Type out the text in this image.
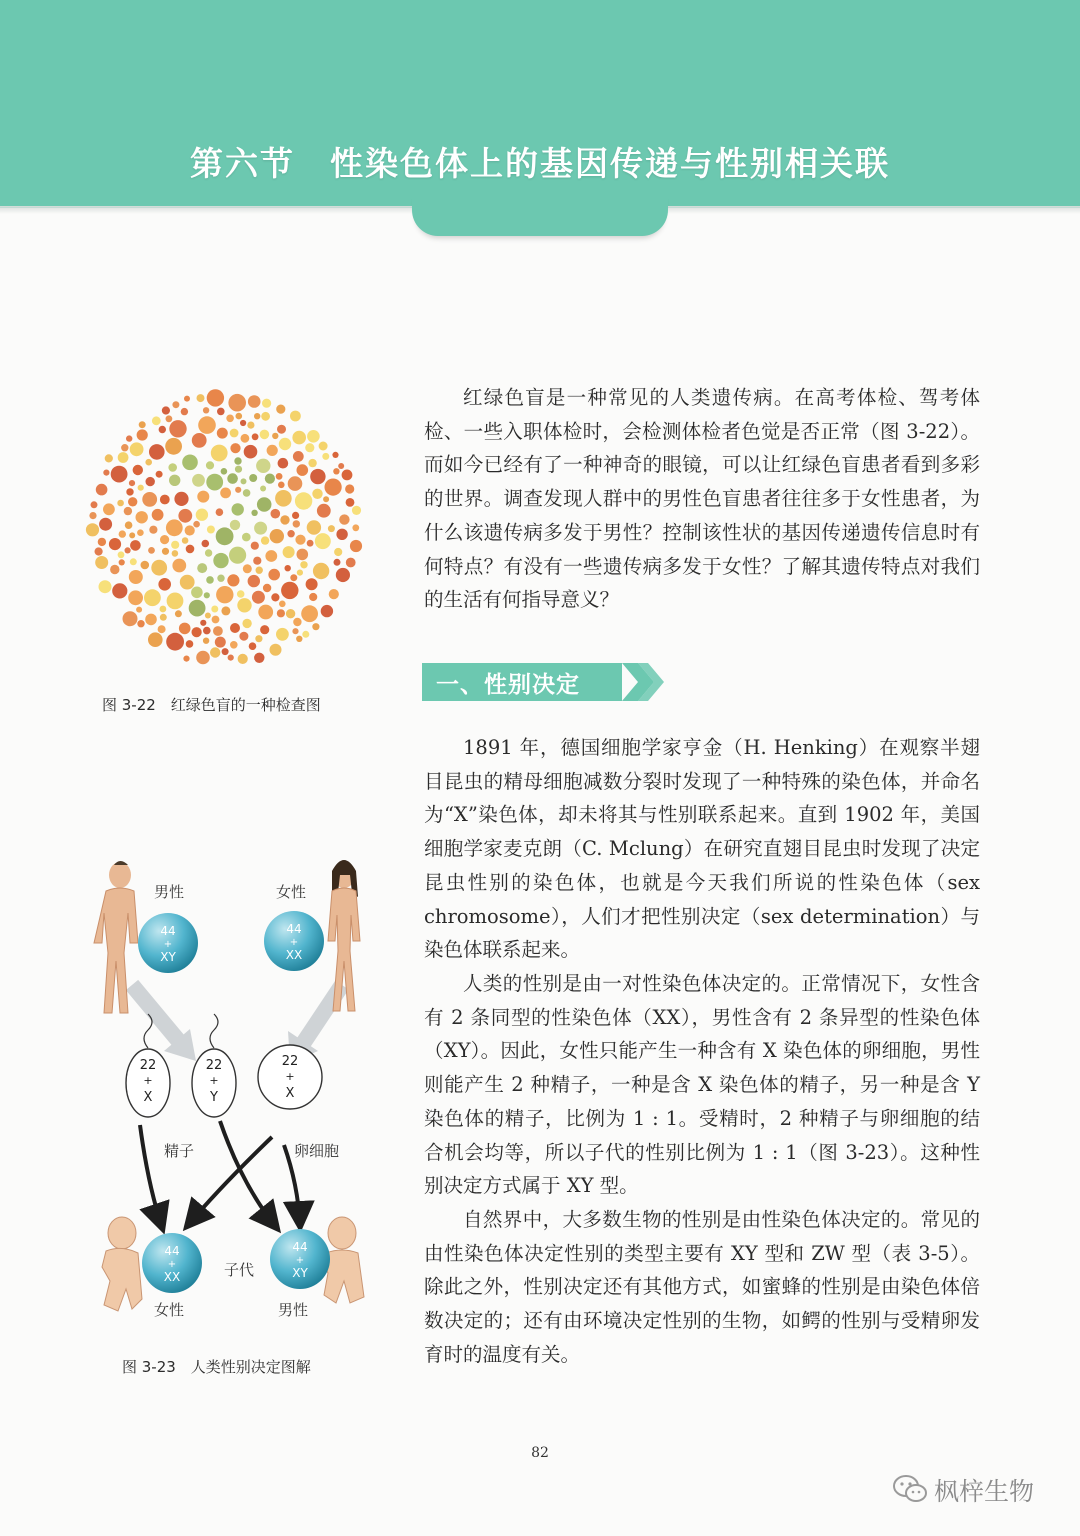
第六节　性染色体上的基因传递与性别相关联
图 3-22　红绿色盲的一种检查图

红绿色盲是一种常见的人类遗传病。在高考体检、驾考体检、一些入职体检时，会检测体检者色觉是否正常（图 3-22）。而如今已经有了一种神奇的眼镜，可以让红绿色盲患者看到多彩的世界。调查发现人群中的男性色盲患者往往多于女性患者，为什么该遗传病多发于男性？控制该性状的基因传递遗传信息时有何特点？有没有一些遗传病多发于女性？了解其遗传特点对我们的生活有何指导意义？

一、性别决定

1891 年，德国细胞学家亨金（H. Henking）在观察半翅目昆虫的精母细胞减数分裂时发现了一种特殊的染色体，并命名为“X”染色体，却未将其与性别联系起来。直到 1902 年，美国细胞学家麦克朗（C. Mclung）在研究直翅目昆虫时发现了决定昆虫性别的染色体，也就是今天我们所说的性染色体（sex chromosome），人们才把性别决定（sex determination）与染色体联系起来。

人类的性别是由一对性染色体决定的。正常情况下，女性含有 2 条同型的性染色体（XX），男性含有 2 条异型的性染色体（XY）。因此，女性只能产生一种含有 X 染色体的卵细胞，男性则能产生 2 种精子，一种是含 X 染色体的精子，另一种是含 Y 染色体的精子，比例为 1 : 1。受精时，2 种精子与卵细胞的结合机会均等，所以子代的性别比例为 1 : 1（图 3-23）。这种性别决定方式属于 XY 型。

自然界中，大多数生物的性别是由性染色体决定的。常见的由性染色体决定性别的类型主要有 XY 型和 ZW 型（表 3-5）。除此之外，性别决定还有其他方式，如蜜蜂的性别是由染色体倍数决定的；还有由环境决定性别的生物，如鳄的性别与受精卵发育时的温度有关。

44
+
XY
男性
44
+
XX
女性
22
+
X
22
+
Y
22
+
X
精子	卵细胞
44
+
XX
女性
子代
44
+
XY
男性
图 3-23　人类性别决定图解
82
枫梓生物
